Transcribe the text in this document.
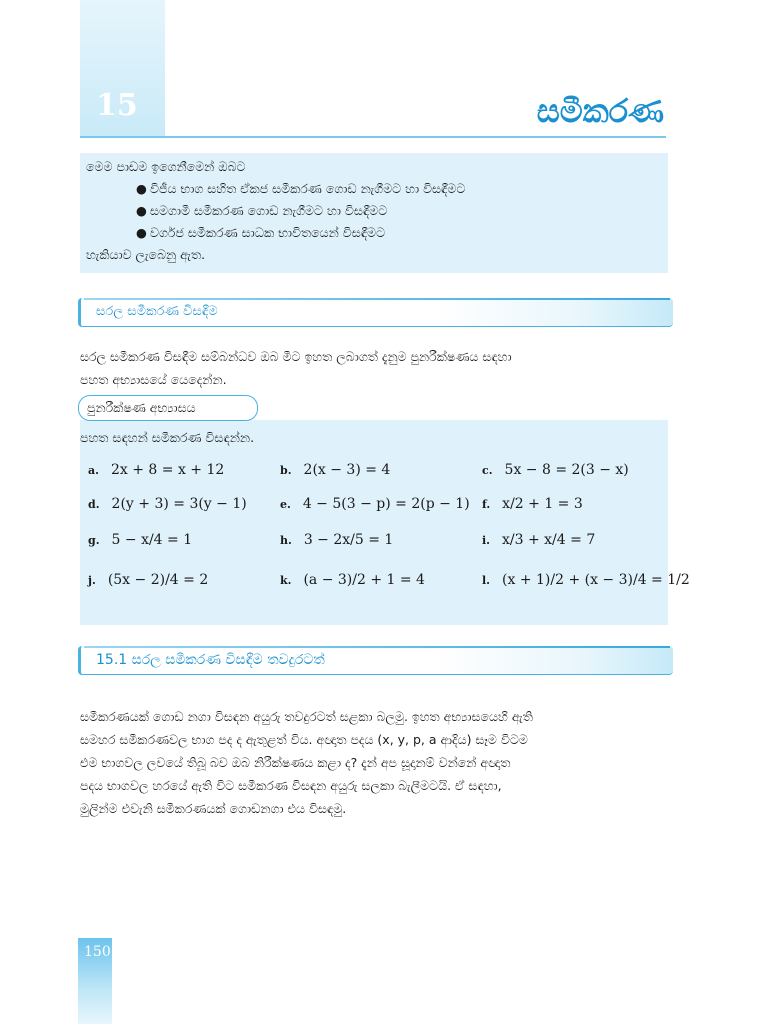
15	සමීකරණ
මෙම පාඩම ඉගෙනීමෙන් ඔබට
● විජීය භාග සහිත ඒකජ සමීකරණ ගොඩ නැගීමට හා විසඳීමට
● සමගාමී සමීකරණ ගොඩ නැගීමට හා විසඳීමට
● වර්ගජ සමීකරණ සාධක භාවිතයෙන් විසඳීමට
හැකියාව ලැබෙනු ඇත.
සරල සමීකරණ විසඳීම

සරල සමීකරණ විසඳීම සම්බන්ධව ඔබ මීට ඉහත ලබාගත් දැනුම පුනරීක්ෂණය සඳහා

පහත අභ්‍යාසයේ යෙදෙන්න.

පහත සඳහන් සමීකරණ විසඳන්න.
a. 2x + 8 = x + 12	b. 2(x − 3) = 4	c. 5x − 8 = 2(3 − x)
d. 2(y + 3) = 3(y − 1)	e. 4 − 5(3 − p) = 2(p − 1) f. x/2 + 1 = 3
g. 5 − x/4 = 1	h. 3 − 2x/5 = 1	i. x/3 + x/4 = 7
j. (5x − 2)/4 = 2	k. (a − 3)/2 + 1 = 4	l. (x + 1)/2 + (x − 3)/4 = 1/2
පුනරීක්ෂණ අභ්‍යාසය
15.1 සරල සමීකරණ විසඳීම තවදුරටත්

සමීකරණයක් ගොඩ නගා විසඳන අයුරු තවදුරටත් සළකා බලමු. ඉහත අභ්‍යාසයෙහි ඇති

සමහර සමීකරණවල භාග පද ද ඇතුළත් විය. අඥාත පදය (x, y, p, a ආදිය) සෑම විටම

එම භාගවල ලවයේ තිබූ බව ඔබ නිරීක්ෂණය කළා ද? දැන් අප සූදානම් වන්නේ අඥාත

පදය භාගවල හරයේ ඇති විට සමීකරණ විසඳන අයුරු සලකා බැලීමටයි. ඒ සඳහා,

මුලින්ම එවැනි සමීකරණයක් ගොඩනගා එය විසඳමු.

150
